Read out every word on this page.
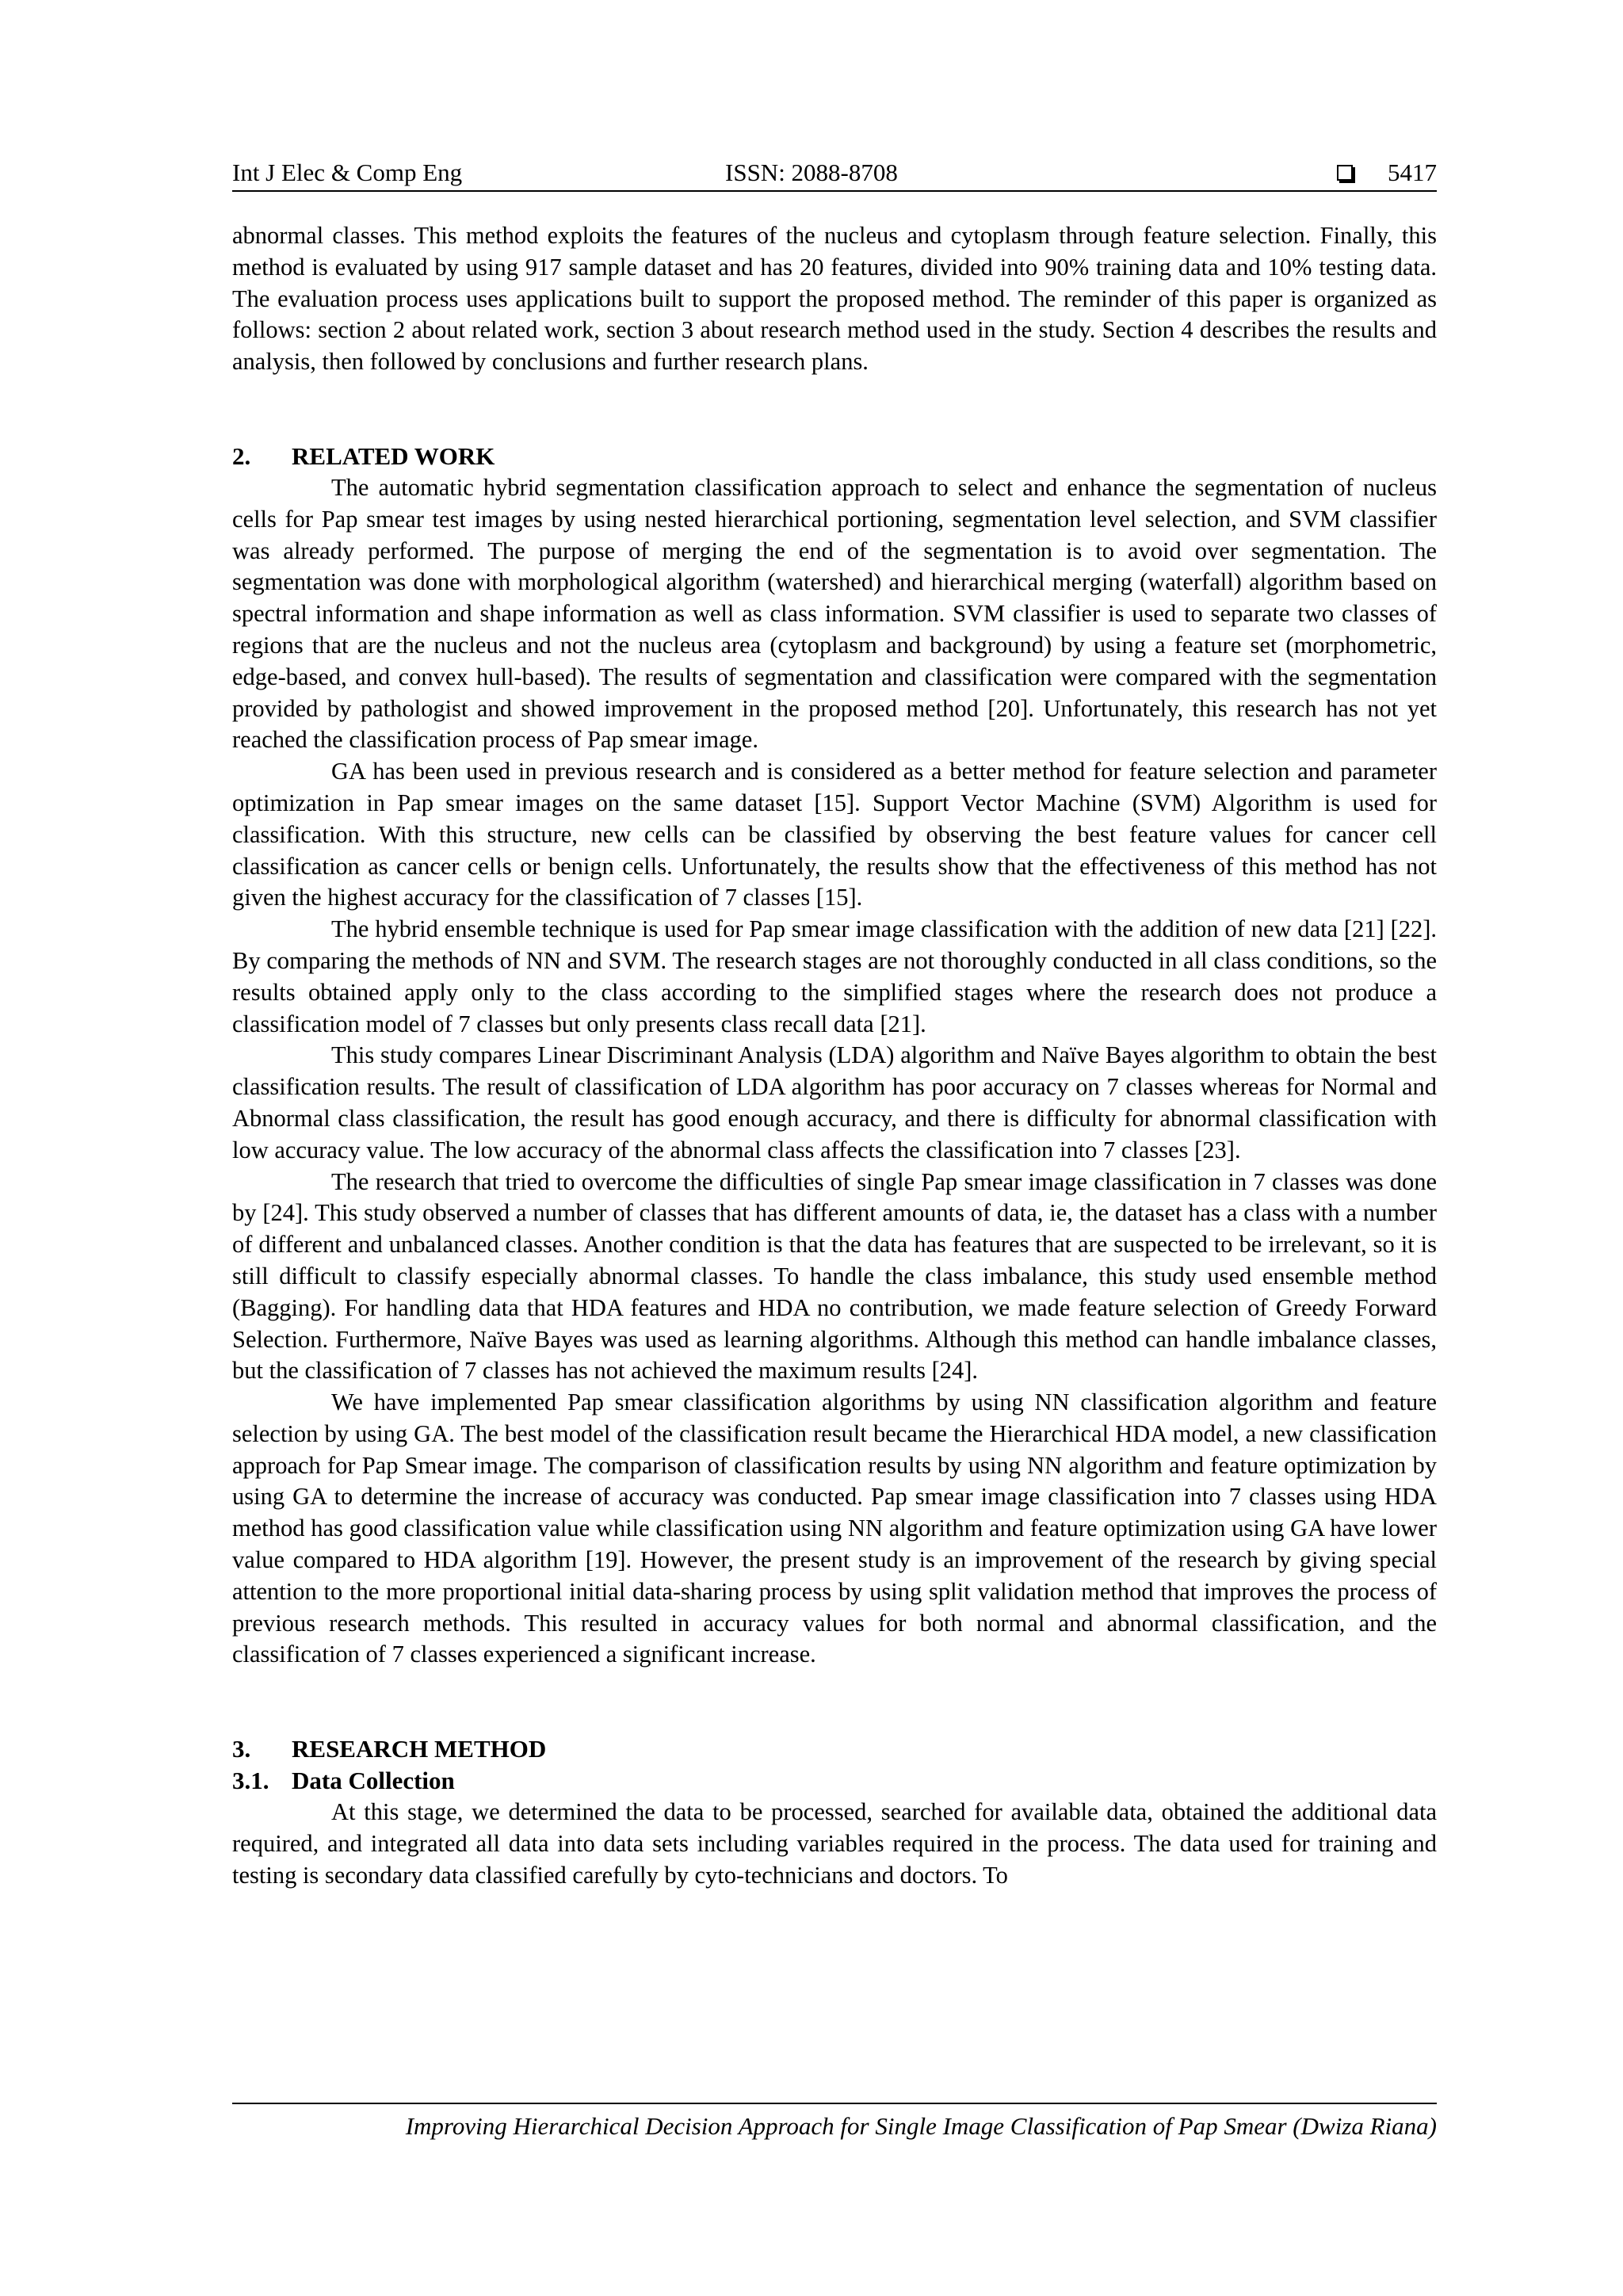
Int J Elec & Comp Eng	ISSN: 2088-8708	5417

abnormal classes. This method exploits the features of the nucleus and cytoplasm through feature selection. Finally, this method is evaluated by using 917 sample dataset and has 20 features, divided into 90% training data and 10% testing data. The evaluation process uses applications built to support the proposed method. The reminder of this paper is organized as follows: section 2 about related work, section 3 about research method used in the study. Section 4 describes the results and analysis, then followed by conclusions and further research plans.

2. RELATED WORK

The automatic hybrid segmentation classification approach to select and enhance the segmentation of nucleus cells for Pap smear test images by using nested hierarchical portioning, segmentation level selection, and SVM classifier was already performed. The purpose of merging the end of the segmentation is to avoid over segmentation. The segmentation was done with morphological algorithm (watershed) and hierarchical merging (waterfall) algorithm based on spectral information and shape information as well as class information. SVM classifier is used to separate two classes of regions that are the nucleus and not the nucleus area (cytoplasm and background) by using a feature set (morphometric, edge-based, and convex hull-based). The results of segmentation and classification were compared with the segmentation provided by pathologist and showed improvement in the proposed method [20]. Unfortunately, this research has not yet reached the classification process of Pap smear image.

GA has been used in previous research and is considered as a better method for feature selection and parameter optimization in Pap smear images on the same dataset [15]. Support Vector Machine (SVM) Algorithm is used for classification. With this structure, new cells can be classified by observing the best feature values for cancer cell classification as cancer cells or benign cells. Unfortunately, the results show that the effectiveness of this method has not given the highest accuracy for the classification of 7 classes [15].

The hybrid ensemble technique is used for Pap smear image classification with the addition of new data [21] [22]. By comparing the methods of NN and SVM. The research stages are not thoroughly conducted in all class conditions, so the results obtained apply only to the class according to the simplified stages where the research does not produce a classification model of 7 classes but only presents class recall data [21].

This study compares Linear Discriminant Analysis (LDA) algorithm and Naïve Bayes algorithm to obtain the best classification results. The result of classification of LDA algorithm has poor accuracy on 7 classes whereas for Normal and Abnormal class classification, the result has good enough accuracy, and there is difficulty for abnormal classification with low accuracy value. The low accuracy of the abnormal class affects the classification into 7 classes [23].

The research that tried to overcome the difficulties of single Pap smear image classification in 7 classes was done by [24]. This study observed a number of classes that has different amounts of data, ie, the dataset has a class with a number of different and unbalanced classes. Another condition is that the data has features that are suspected to be irrelevant, so it is still difficult to classify especially abnormal classes. To handle the class imbalance, this study used ensemble method (Bagging). For handling data that HDA features and HDA no contribution, we made feature selection of Greedy Forward Selection. Furthermore, Naïve Bayes was used as learning algorithms. Although this method can handle imbalance classes, but the classification of 7 classes has not achieved the maximum results [24].

We have implemented Pap smear classification algorithms by using NN classification algorithm and feature selection by using GA. The best model of the classification result became the Hierarchical HDA model, a new classification approach for Pap Smear image. The comparison of classification results by using NN algorithm and feature optimization by using GA to determine the increase of accuracy was conducted. Pap smear image classification into 7 classes using HDA method has good classification value while classification using NN algorithm and feature optimization using GA have lower value compared to HDA algorithm [19]. However, the present study is an improvement of the research by giving special attention to the more proportional initial data-sharing process by using split validation method that improves the process of previous research methods. This resulted in accuracy values for both normal and abnormal classification, and the classification of 7 classes experienced a significant increase.

3. RESEARCH METHOD
3.1. Data Collection

At this stage, we determined the data to be processed, searched for available data, obtained the additional data required, and integrated all data into data sets including variables required in the process. The data used for training and testing is secondary data classified carefully by cyto-technicians and doctors. To

Improving Hierarchical Decision Approach for Single Image Classification of Pap Smear (Dwiza Riana)
